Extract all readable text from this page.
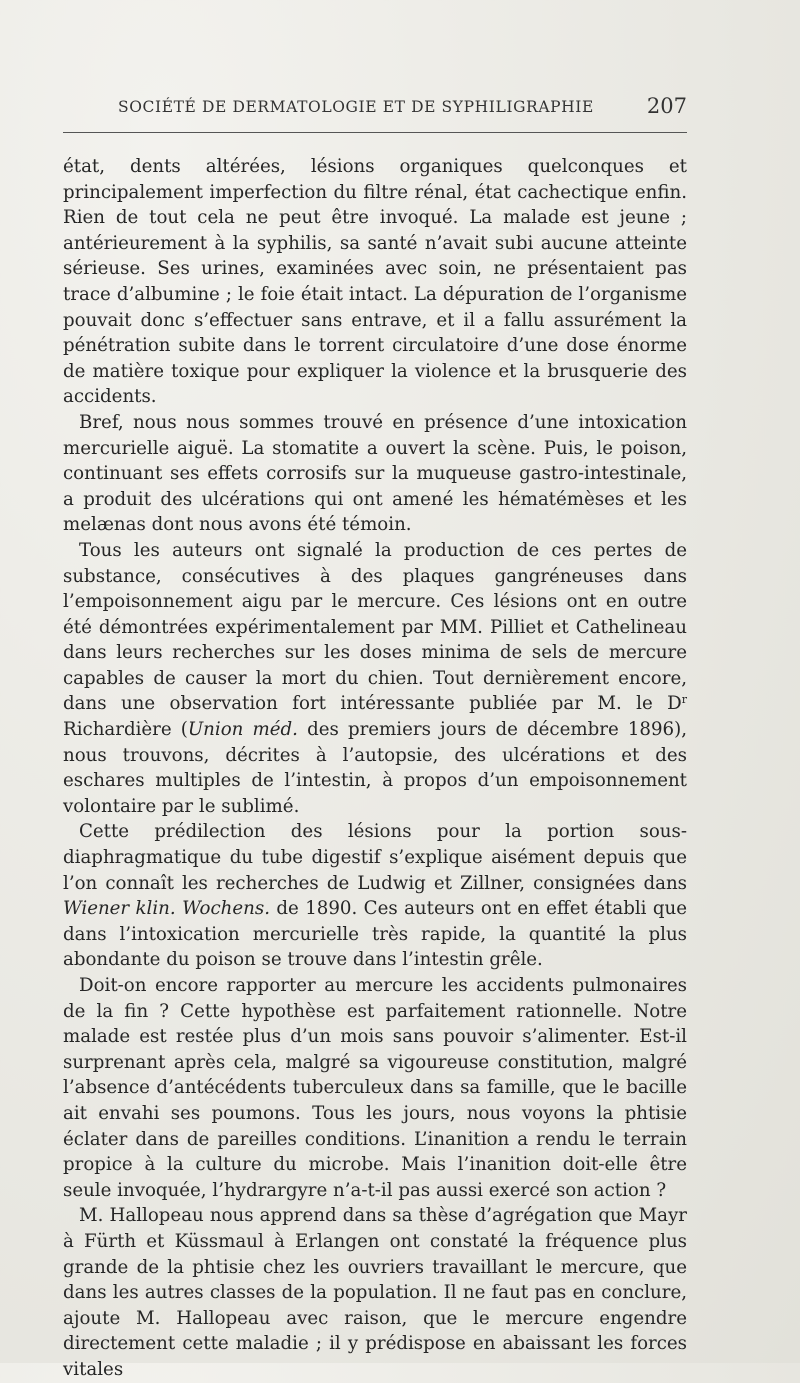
SOCIÉTÉ DE DERMATOLOGIE ET DE SYPHILIGRAPHIE	207

état, dents altérées, lésions organiques quelconques et principalement imperfection du filtre rénal, état cachectique enfin. Rien de tout cela ne peut être invoqué. La malade est jeune ; antérieurement à la syphilis, sa santé n’avait subi aucune atteinte sérieuse. Ses urines, examinées avec soin, ne présentaient pas trace d’albumine ; le foie était intact. La dépuration de l’organisme pouvait donc s’effectuer sans entrave, et il a fallu assurément la pénétration subite dans le torrent circulatoire d’une dose énorme de matière toxique pour expliquer la violence et la brusquerie des accidents.

Bref, nous nous sommes trouvé en présence d’une intoxication mercurielle aiguë. La stomatite a ouvert la scène. Puis, le poison, continuant ses effets corrosifs sur la muqueuse gastro-intestinale, a produit des ulcérations qui ont amené les hématémèses et les melænas dont nous avons été témoin.

Tous les auteurs ont signalé la production de ces pertes de substance, consécutives à des plaques gangréneuses dans l’empoisonnement aigu par le mercure. Ces lésions ont en outre été démontrées expérimentalement par MM. Pilliet et Cathelineau dans leurs recherches sur les doses minima de sels de mercure capables de causer la mort du chien. Tout dernièrement encore, dans une observation fort intéressante publiée par M. le $D^r$ Richardière (Union méd. des premiers jours de décembre 1896), nous trouvons, décrites à l’autopsie, des ulcérations et des eschares multiples de l’intestin, à propos d’un empoisonnement volontaire par le sublimé.

Cette prédilection des lésions pour la portion sous-diaphragmatique du tube digestif s’explique aisément depuis que l’on connaît les recherches de Ludwig et Zillner, consignées dans Wiener klin. Wochens. de 1890. Ces auteurs ont en effet établi que dans l’intoxication mercurielle très rapide, la quantité la plus abondante du poison se trouve dans l’intestin grêle.

Doit-on encore rapporter au mercure les accidents pulmonaires de la fin ? Cette hypothèse est parfaitement rationnelle. Notre malade est restée plus d’un mois sans pouvoir s’alimenter. Est-il surprenant après cela, malgré sa vigoureuse constitution, malgré l’absence d’antécédents tuberculeux dans sa famille, que le bacille ait envahi ses poumons. Tous les jours, nous voyons la phtisie éclater dans de pareilles conditions. L’inanition a rendu le terrain propice à la culture du microbe. Mais l’inanition doit-elle être seule invoquée, l’hydrargyre n’a-t-il pas aussi exercé son action ?

M. Hallopeau nous apprend dans sa thèse d’agrégation que Mayr à Fürth et Küssmaul à Erlangen ont constaté la fréquence plus grande de la phtisie chez les ouvriers travaillant le mercure, que dans les autres classes de la population. Il ne faut pas en conclure, ajoute M. Hallopeau avec raison, que le mercure engendre directement cette maladie ; il y prédispose en abaissant les forces vitales
